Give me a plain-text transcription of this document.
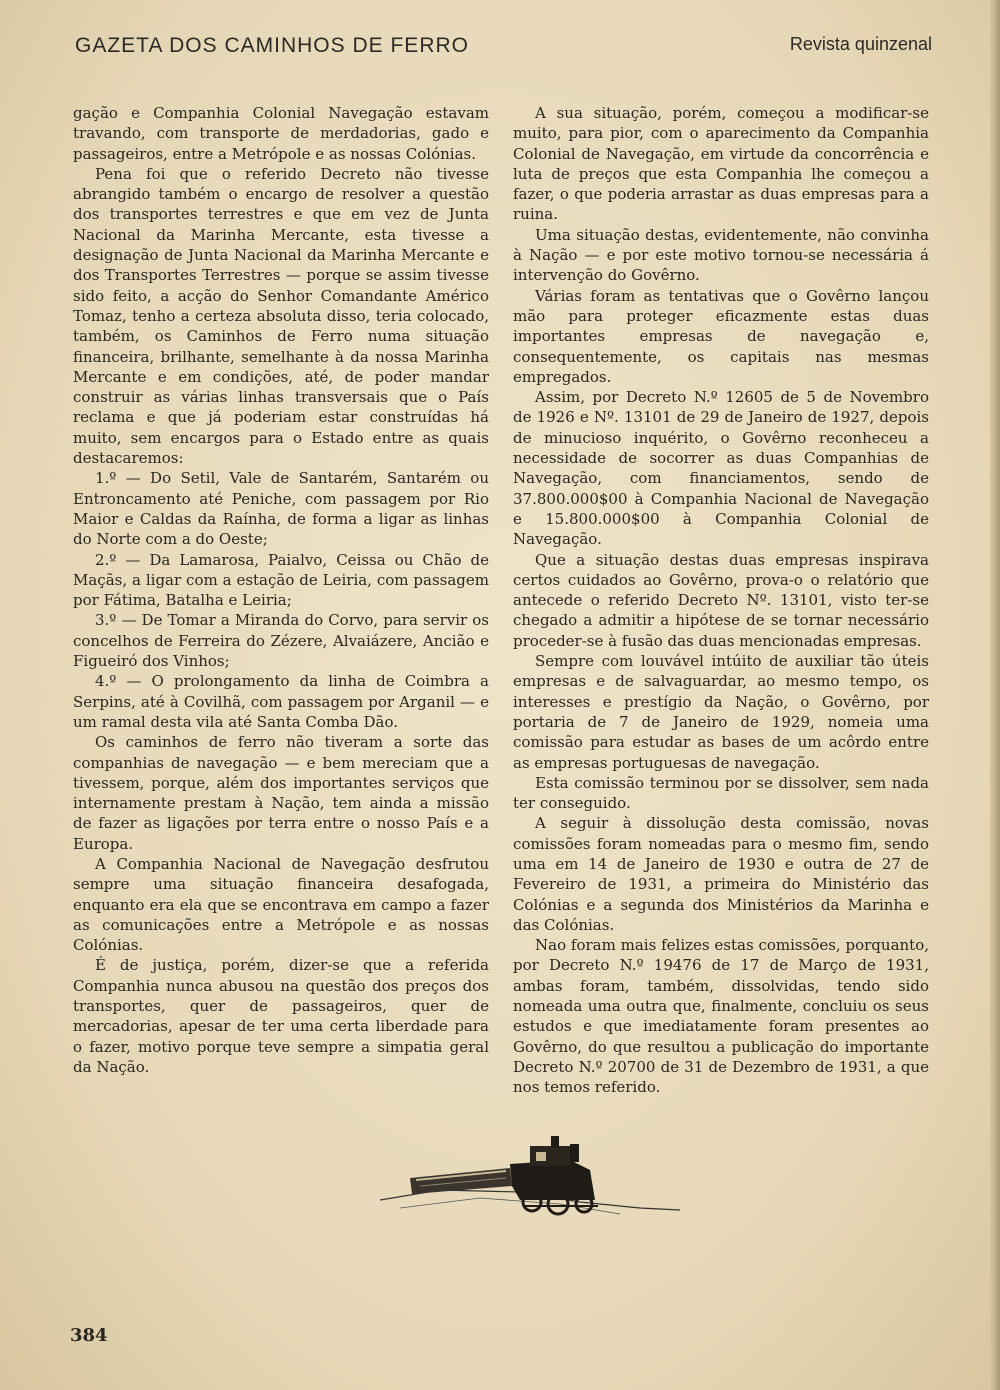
GAZETA DOS CAMINHOS DE FERRO	Revista quinzenal

gação e Companhia Colonial Navegação estavam travando, com transporte de merdadorias, gado e passageiros, entre a Metrópole e as nossas Colónias.

Pena foi que o referido Decreto não tivesse abrangido também o encargo de resolver a questão dos transportes terrestres e que em vez de Junta Nacional da Marinha Mercante, esta tivesse a designação de Junta Nacional da Marinha Mercante e dos Transportes Terrestres — porque se assim tivesse sido feito, a acção do Senhor Comandante Américo Tomaz, tenho a certeza absoluta disso, teria colocado, também, os Caminhos de Ferro numa situação financeira, brilhante, semelhante à da nossa Marinha Mercante e em condições, até, de poder mandar construir as várias linhas transversais que o País reclama e que já poderiam estar construídas há muito, sem encargos para o Estado entre as quais destacaremos:

1.º — Do Setil, Vale de Santarém, Santarém ou Entroncamento até Peniche, com passagem por Rio Maior e Caldas da Raínha, de forma a ligar as linhas do Norte com a do Oeste;

2.º — Da Lamarosa, Paialvo, Ceissa ou Chão de Maçãs, a ligar com a estação de Leiria, com passagem por Fátima, Batalha e Leiria;

3.º — De Tomar a Miranda do Corvo, para servir os concelhos de Ferreira do Zézere, Alvaiázere, Ancião e Figueiró dos Vinhos;

4.º — O prolongamento da linha de Coimbra a Serpins, até à Covilhã, com passagem por Arganil — e um ramal desta vila até Santa Comba Dão.

Os caminhos de ferro não tiveram a sorte das companhias de navegação — e bem mereciam que a tivessem, porque, além dos importantes serviços que internamente prestam à Nação, tem ainda a missão de fazer as ligações por terra entre o nosso País e a Europa.

A Companhia Nacional de Navegação desfrutou sempre uma situação financeira desafogada, enquanto era ela que se encontrava em campo a fazer as comunicações entre a Metrópole e as nossas Colónias.

É de justiça, porém, dizer-se que a referida Companhia nunca abusou na questão dos preços dos transportes, quer de passageiros, quer de mercadorias, apesar de ter uma certa liberdade para o fazer, motivo porque teve sempre a simpatia geral da Nação.

A sua situação, porém, começou a modificar-se muito, para pior, com o aparecimento da Companhia Colonial de Navegação, em virtude da concorrência e luta de preços que esta Companhia lhe começou a fazer, o que poderia arrastar as duas empresas para a ruina.

Uma situação destas, evidentemente, não convinha à Nação — e por este motivo tornou-se necessária á intervenção do Govêrno.

Várias foram as tentativas que o Govêrno lançou mão para proteger eficazmente estas duas importantes empresas de navegação e, consequentemente, os capitais nas mesmas empregados.

Assim, por Decreto N.º 12605 de 5 de Novembro de 1926 e Nº. 13101 de 29 de Janeiro de 1927, depois de minucioso inquérito, o Govêrno reconheceu a necessidade de socorrer as duas Companhias de Navegação, com financiamentos, sendo de 37.800.000$00 à Companhia Nacional de Navegação e 15.800.000$00 à Companhia Colonial de Navegação.

Que a situação destas duas empresas inspirava certos cuidados ao Govêrno, prova-o o relatório que antecede o referido Decreto Nº. 13101, visto ter-se chegado a admitir a hipótese de se tornar necessário proceder-se à fusão das duas mencionadas empresas.

Sempre com louvável intúito de auxiliar tão úteis empresas e de salvaguardar, ao mesmo tempo, os interesses e prestígio da Nação, o Govêrno, por portaria de 7 de Janeiro de 1929, nomeia uma comissão para estudar as bases de um acôrdo entre as empresas portuguesas de navegação.

Esta comissão terminou por se dissolver, sem nada ter conseguido.

A seguir à dissolução desta comissão, novas comissões foram nomeadas para o mesmo fim, sendo uma em 14 de Janeiro de 1930 e outra de 27 de Fevereiro de 1931, a primeira do Ministério das Colónias e a segunda dos Ministérios da Marinha e das Colónias.

Nao foram mais felizes estas comissões, porquanto, por Decreto N.º 19476 de 17 de Março de 1931, ambas foram, também, dissolvidas, tendo sido nomeada uma outra que, finalmente, concluiu os seus estudos e que imediatamente foram presentes ao Govêrno, do que resultou a publicação do importante Decreto N.º 20700 de 31 de Dezembro de 1931, a que nos temos referido.

384
